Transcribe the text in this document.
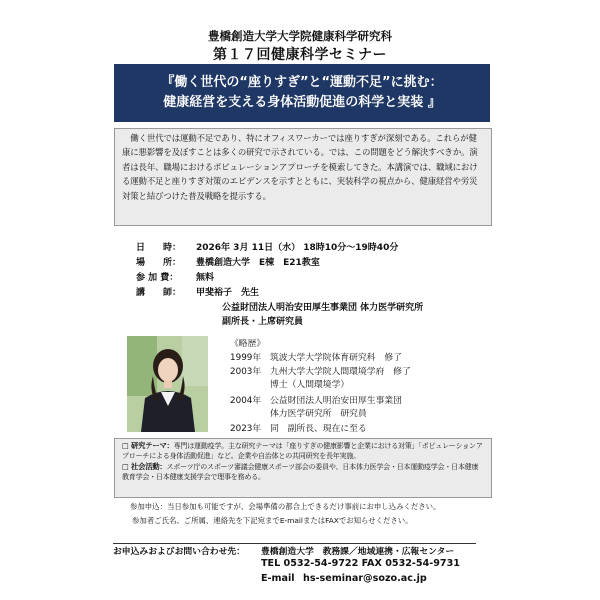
豊橋創造大学大学院健康科学研究科
第１７回健康科学セミナー
『働く世代の“座りすぎ”と“運動不足”に挑む：
健康経営を支える身体活動促進の科学と実装 』
働く世代では運動不足であり、特にオフィスワーカーでは座りすぎが深刻である。これらが健康に悪影響を及ぼすことは多くの研究で示されている。では、この問題をどう解決すべきか。演者は長年、職場におけるポピュレーションアプローチを模索してきた。本講演では、職域における運動不足と座りすぎ対策のエビデンスを示すとともに、実装科学の視点から、健康経営や労災対策と結びつけた普及戦略を提示する。
日　　時： 2026年 3月 11日（水） 18時10分～19時40分
場　　所： 豊橋創造大学　E棟　E21教室
参 加 費： 無料
講　　師： 甲斐裕子　先生
公益財団法人明治安田厚生事業団 体力医学研究所
副所長・上席研究員
《略歴》
1999年 筑波大学大学院体育研究科　修了
2003年 九州大学大学院人間環境学府　修了
博士（人間環境学）
2004年 公益財団法人明治安田厚生事業団
体力医学研究所　研究員
2023年 同　副所長、現在に至る
□ 研究テーマ：専門は運動疫学。主な研究テーマは「座りすぎの健康影響と企業における対策」「ポピュレーションアプローチによる身体活動促進」など。企業や自治体との共同研究を長年実施。
□ 社会活動：スポーツ庁のスポーツ審議会健康スポーツ部会の委員や、日本体力医学会・日本運動疫学会・日本健康教育学会・日本健康支援学会で理事を務める。
参加申込：当日参加も可能ですが、会場準備の都合上できるだけ事前にお申し込みください。
参加者ご氏名、ご所属、連絡先を下記宛までE-mailまたはFAXでお知らせください。
お申込みおよびお問い合わせ先： 豊橋創造大学　教務課／地域連携・広報センター
TEL 0532-54-9722 FAX 0532-54-9731
E-mail hs-seminar@sozo.ac.jp
